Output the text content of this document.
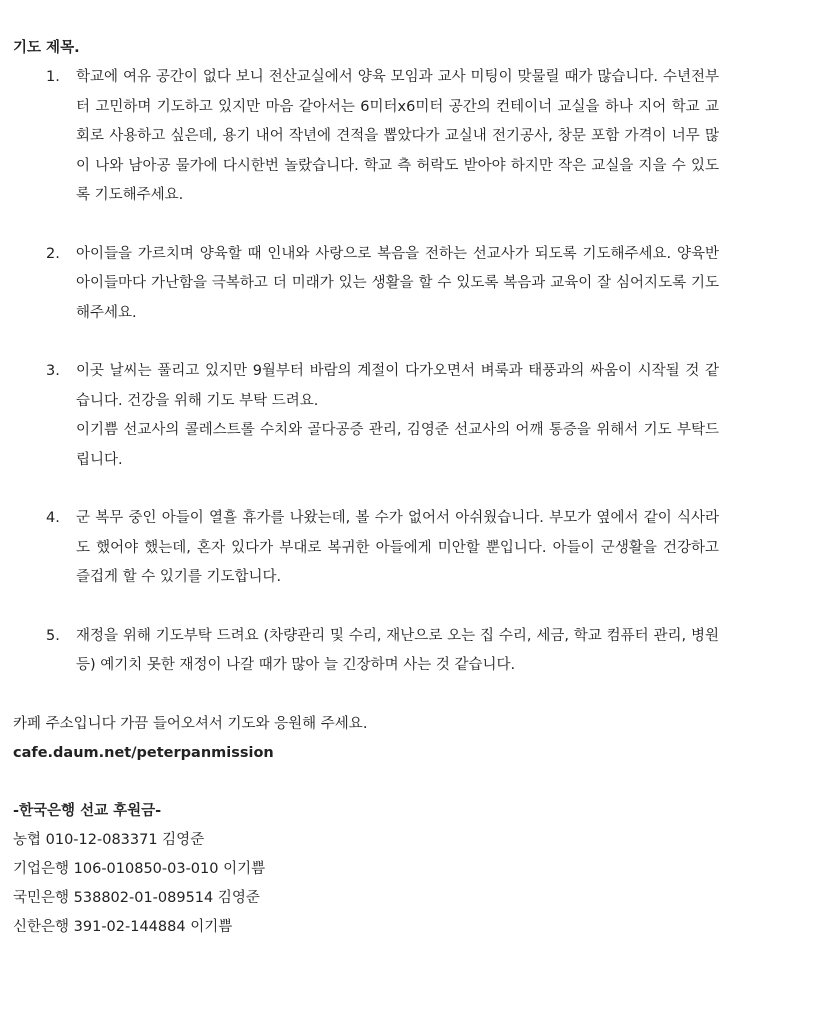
기도 제목.

1. 학교에 여유 공간이 없다 보니 전산교실에서 양육 모임과 교사 미팅이 맞물릴 때가 많습니다. 수년전부터 고민하며 기도하고 있지만 마음 같아서는 6미터x6미터 공간의 컨테이너 교실을 하나 지어 학교 교회로 사용하고 싶은데, 용기 내어 작년에 견적을 뽑았다가 교실내 전기공사, 창문 포함 가격이 너무 많이 나와 남아공 물가에 다시한번 놀랐습니다. 학교 측 허락도 받아야 하지만 작은 교실을 지을 수 있도록 기도해주세요.
2. 아이들을 가르치며 양육할 때 인내와 사랑으로 복음을 전하는 선교사가 되도록 기도해주세요. 양육반 아이들마다 가난함을 극복하고 더 미래가 있는 생활을 할 수 있도록 복음과 교육이 잘 심어지도록 기도해주세요.
3. 이곳 날씨는 풀리고 있지만 9월부터 바람의 계절이 다가오면서 벼룩과 태풍과의 싸움이 시작될 것 같습니다. 건강을 위해 기도 부탁 드려요.
이기쁨 선교사의 콜레스트롤 수치와 골다공증 관리, 김영준 선교사의 어깨 통증을 위해서 기도 부탁드립니다.
4. 군 복무 중인 아들이 열흘 휴가를 나왔는데, 볼 수가 없어서 아쉬웠습니다. 부모가 옆에서 같이 식사라도 했어야 했는데, 혼자 있다가 부대로 복귀한 아들에게 미안할 뿐입니다. 아들이 군생활을 건강하고 즐겁게 할 수 있기를 기도합니다.
5. 재정을 위해 기도부탁 드려요 (차량관리 및 수리, 재난으로 오는 집 수리, 세금, 학교 컴퓨터 관리, 병원등) 예기치 못한 재정이 나갈 때가 많아 늘 긴장하며 사는 것 같습니다.

카페 주소입니다 가끔 들어오셔서 기도와 응원해 주세요.

cafe.daum.net/peterpanmission

-한국은행 선교 후원금-

농협 010-12-083371 김영준

기업은행 106-010850-03-010 이기쁨

국민은행 538802-01-089514 김영준

신한은행 391-02-144884 이기쁨
